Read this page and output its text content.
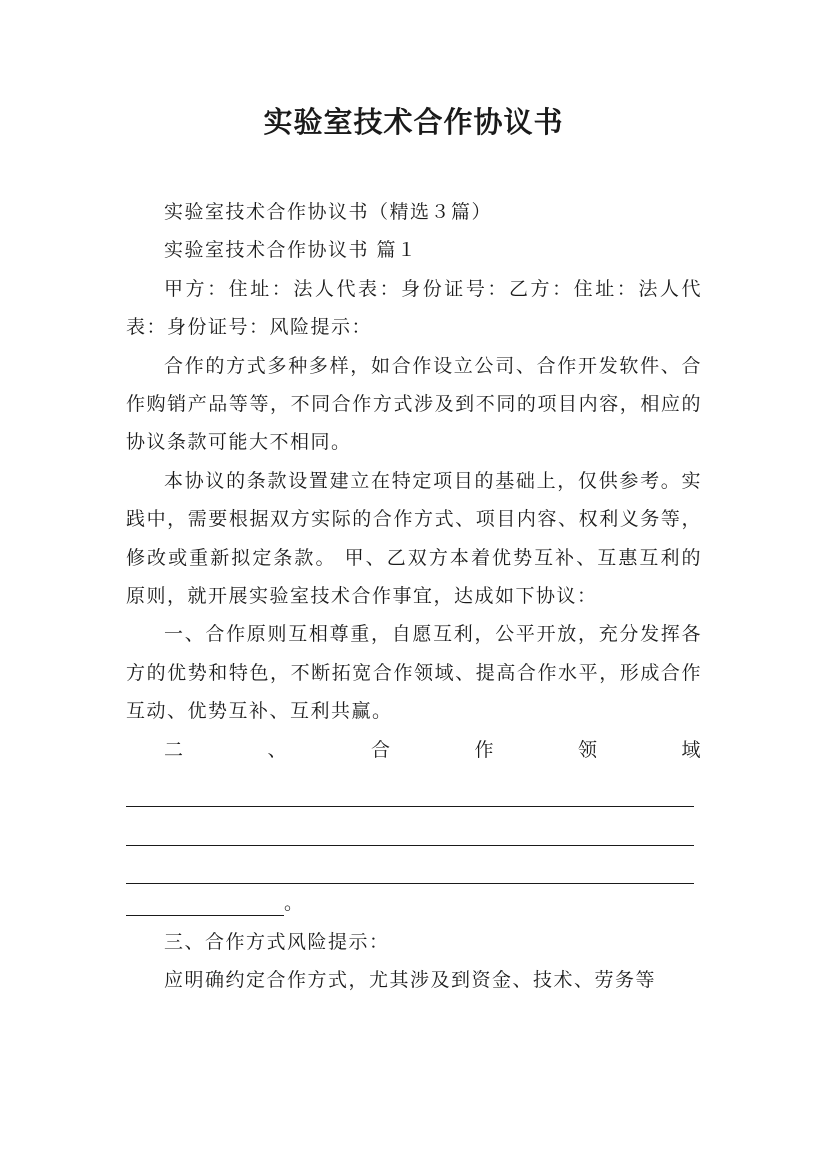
实验室技术合作协议书

实验室技术合作协议书（精选３篇）

实验室技术合作协议书 篇１

甲方：住址：法人代表：身份证号：乙方：住址：法人代表：身份证号：风险提示：

合作的方式多种多样，如合作设立公司、合作开发软件、合作购销产品等等，不同合作方式涉及到不同的项目内容，相应的协议条款可能大不相同。

本协议的条款设置建立在特定项目的基础上，仅供参考。实践中，需要根据双方实际的合作方式、项目内容、权利义务等，修改或重新拟定条款。 甲、乙双方本着优势互补、互惠互利的原则，就开展实验室技术合作事宜，达成如下协议：

一、合作原则互相尊重，自愿互利，公平开放，充分发挥各方的优势和特色，不断拓宽合作领域、提高合作水平，形成合作互动、优势互补、互利共赢。

二、合作领域

。

三、合作方式风险提示：

应明确约定合作方式，尤其涉及到资金、技术、劳务等
